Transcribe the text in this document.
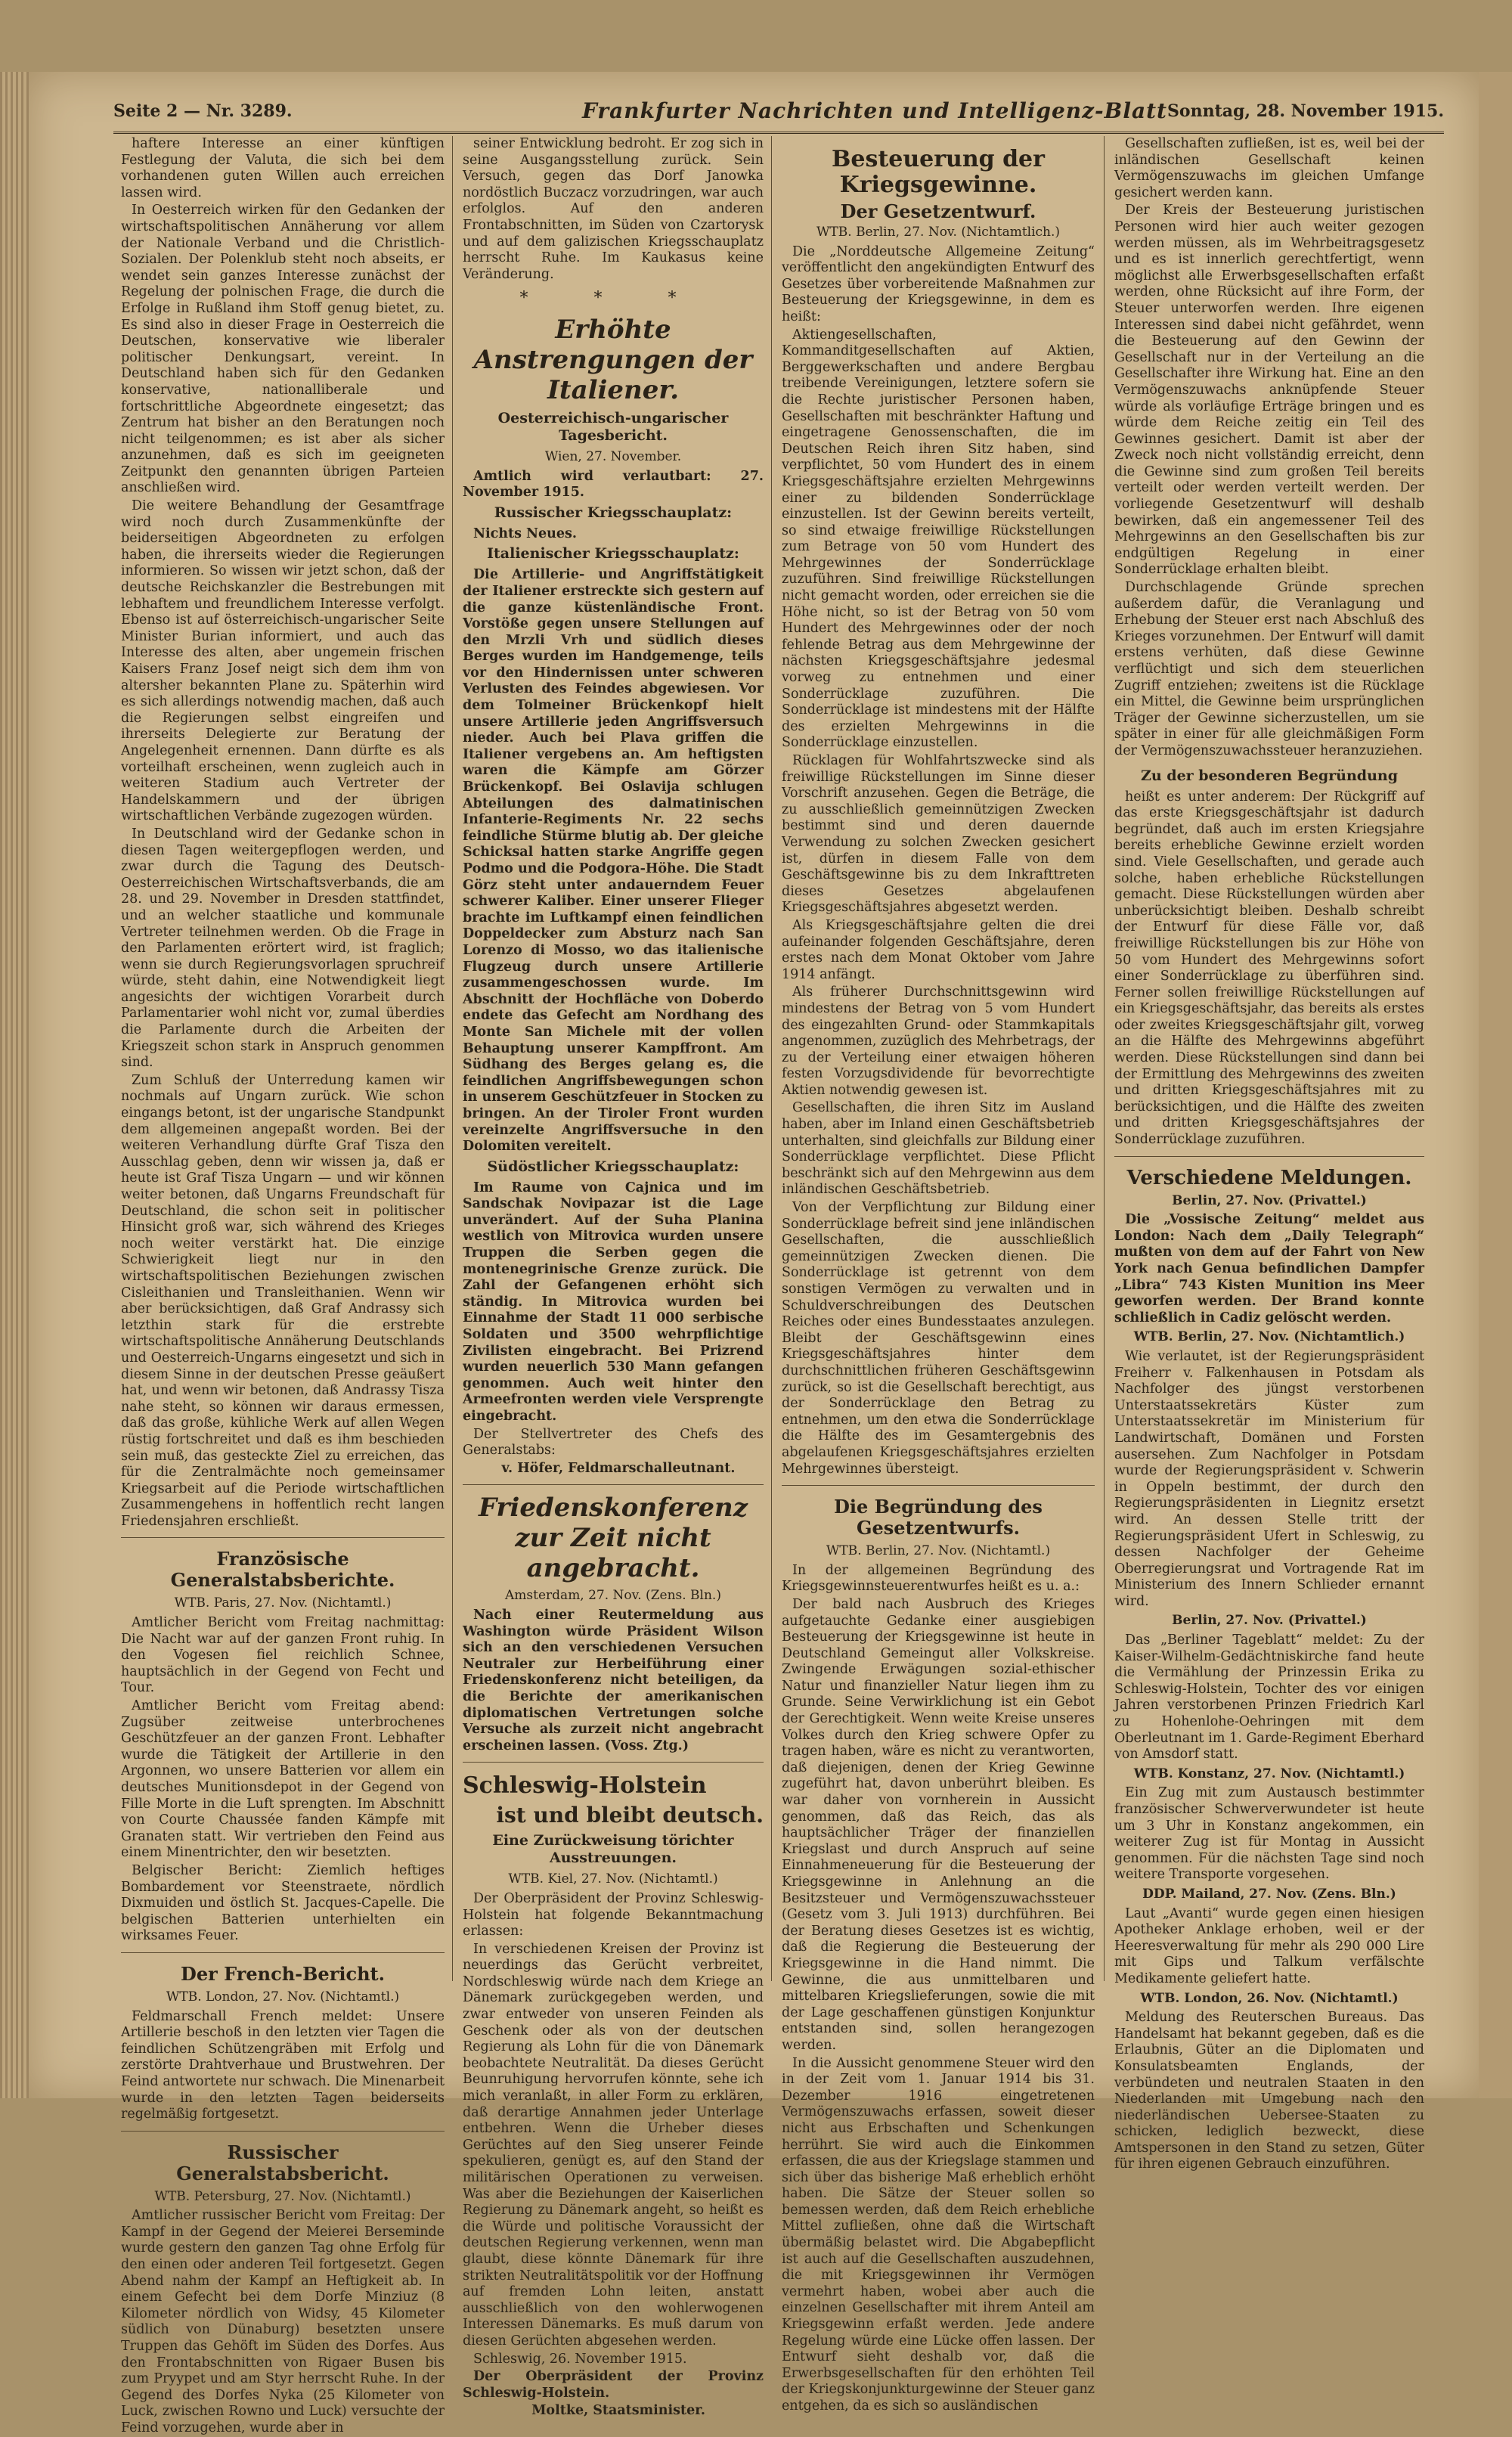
Seite 2 — Nr. 3289.	Frankfurter Nachrichten und Intelligenz-Blatt Sonntag, 28. November 1915.

haftere Interesse an einer künftigen Festlegung der Valuta, die sich bei dem vorhandenen guten Willen auch erreichen lassen wird.

In Oesterreich wirken für den Gedanken der wirtschaftspolitischen Annäherung vor allem der Nationale Verband und die Christlich-Sozialen. Der Polenklub steht noch abseits, er wendet sein ganzes Interesse zunächst der Regelung der polnischen Frage, die durch die Erfolge in Rußland ihm Stoff genug bietet, zu. Es sind also in dieser Frage in Oesterreich die Deutschen, konservative wie liberaler politischer Denkungsart, vereint. In Deutschland haben sich für den Gedanken konservative, nationalliberale und fortschrittliche Abgeordnete eingesetzt; das Zentrum hat bisher an den Beratungen noch nicht teilgenommen; es ist aber als sicher anzunehmen, daß es sich im geeigneten Zeitpunkt den genannten übrigen Parteien anschließen wird.

Die weitere Behandlung der Gesamtfrage wird noch durch Zusammenkünfte der beiderseitigen Abgeordneten zu erfolgen haben, die ihrerseits wieder die Regierungen informieren. So wissen wir jetzt schon, daß der deutsche Reichskanzler die Bestrebungen mit lebhaftem und freundlichem Interesse verfolgt. Ebenso ist auf österreichisch-ungarischer Seite Minister Burian informiert, und auch das Interesse des alten, aber ungemein frischen Kaisers Franz Josef neigt sich dem ihm von altersher bekannten Plane zu. Späterhin wird es sich allerdings notwendig machen, daß auch die Regierungen selbst eingreifen und ihrerseits Delegierte zur Beratung der Angelegenheit ernennen. Dann dürfte es als vorteilhaft erscheinen, wenn zugleich auch in weiteren Stadium auch Vertreter der Handelskammern und der übrigen wirtschaftlichen Verbände zugezogen würden.

In Deutschland wird der Gedanke schon in diesen Tagen weitergepflogen werden, und zwar durch die Tagung des Deutsch-Oesterreichischen Wirtschaftsverbands, die am 28. und 29. November in Dresden stattfindet, und an welcher staatliche und kommunale Vertreter teilnehmen werden. Ob die Frage in den Parlamenten erörtert wird, ist fraglich; wenn sie durch Regierungsvorlagen spruchreif würde, steht dahin, eine Notwendigkeit liegt angesichts der wichtigen Vorarbeit durch Parlamentarier wohl nicht vor, zumal überdies die Parlamente durch die Arbeiten der Kriegszeit schon stark in Anspruch genommen sind.

Zum Schluß der Unterredung kamen wir nochmals auf Ungarn zurück. Wie schon eingangs betont, ist der ungarische Standpunkt dem allgemeinen angepaßt worden. Bei der weiteren Verhandlung dürfte Graf Tisza den Ausschlag geben, denn wir wissen ja, daß er heute ist Graf Tisza Ungarn — und wir können weiter betonen, daß Ungarns Freundschaft für Deutschland, die schon seit in politischer Hinsicht groß war, sich während des Krieges noch weiter verstärkt hat. Die einzige Schwierigkeit liegt nur in den wirtschaftspolitischen Beziehungen zwischen Cisleithanien und Transleithanien. Wenn wir aber berücksichtigen, daß Graf Andrassy sich letzthin stark für die erstrebte wirtschaftspolitische Annäherung Deutschlands und Oesterreich-Ungarns eingesetzt und sich in diesem Sinne in der deutschen Presse geäußert hat, und wenn wir betonen, daß Andrassy Tisza nahe steht, so können wir daraus ermessen, daß das große, kühliche Werk auf allen Wegen rüstig fortschreitet und daß es ihm beschieden sein muß, das gesteckte Ziel zu erreichen, das für die Zentralmächte noch gemeinsamer Kriegsarbeit auf die Periode wirtschaftlichen Zusammengehens in hoffentlich recht langen Friedensjahren erschließt.

Französische Generalstabsberichte.
WTB. Paris, 27. Nov. (Nichtamtl.)

Amtlicher Bericht vom Freitag nachmittag: Die Nacht war auf der ganzen Front ruhig. In den Vogesen fiel reichlich Schnee, hauptsächlich in der Gegend von Fecht und Tour.

Amtlicher Bericht vom Freitag abend: Zugsüber zeitweise unterbrochenes Geschützfeuer an der ganzen Front. Lebhafter wurde die Tätigkeit der Artillerie in den Argonnen, wo unsere Batterien vor allem ein deutsches Munitionsdepot in der Gegend von Fille Morte in die Luft sprengten. Im Abschnitt von Courte Chaussée fanden Kämpfe mit Granaten statt. Wir vertrieben den Feind aus einem Minentrichter, den wir besetzten.

Belgischer Bericht: Ziemlich heftiges Bombardement vor Steenstraete, nördlich Dixmuiden und östlich St. Jacques-Capelle. Die belgischen Batterien unterhielten ein wirksames Feuer.

Der French-Bericht.
WTB. London, 27. Nov. (Nichtamtl.)

Feldmarschall French meldet: Unsere Artillerie beschoß in den letzten vier Tagen die feindlichen Schützengräben mit Erfolg und zerstörte Drahtverhaue und Brustwehren. Der Feind antwortete nur schwach. Die Minenarbeit wurde in den letzten Tagen beiderseits regelmäßig fortgesetzt.

Russischer Generalstabsbericht.
WTB. Petersburg, 27. Nov. (Nichtamtl.)

Amtlicher russischer Bericht vom Freitag: Der Kampf in der Gegend der Meierei Berseminde wurde gestern den ganzen Tag ohne Erfolg für den einen oder anderen Teil fortgesetzt. Gegen Abend nahm der Kampf an Heftigkeit ab. In einem Gefecht bei dem Dorfe Minziuz (8 Kilometer nördlich von Widsy, 45 Kilometer südlich von Dünaburg) besetzten unsere Truppen das Gehöft im Süden des Dorfes. Aus den Frontabschnitten von Rigaer Busen bis zum Pryypet und am Styr herrscht Ruhe. In der Gegend des Dorfes Nyka (25 Kilometer von Luck, zwischen Rowno und Luck) versuchte der Feind vorzugehen, wurde aber in

seiner Entwicklung bedroht. Er zog sich in seine Ausgangsstellung zurück. Sein Versuch, gegen das Dorf Janowka nordöstlich Buczacz vorzudringen, war auch erfolglos. Auf den anderen Frontabschnitten, im Süden von Czartorysk und auf dem galizischen Kriegsschauplatz herrscht Ruhe. Im Kaukasus keine Veränderung.

* * *
Erhöhte Anstrengungen der Italiener.
Oesterreichisch-ungarischer Tagesbericht.
Wien, 27. November.

Amtlich wird verlautbart: 27. November 1915.

Russischer Kriegsschauplatz:

Nichts Neues.

Italienischer Kriegsschauplatz:

Die Artillerie- und Angriffstätigkeit der Italiener erstreckte sich gestern auf die ganze küstenländische Front. Vorstöße gegen unsere Stellungen auf den Mrzli Vrh und südlich dieses Berges wurden im Handgemenge, teils vor den Hindernissen unter schweren Verlusten des Feindes abgewiesen. Vor dem Tolmeiner Brückenkopf hielt unsere Artillerie jeden Angriffsversuch nieder. Auch bei Plava griffen die Italiener vergebens an. Am heftigsten waren die Kämpfe am Görzer Brückenkopf. Bei Oslavija schlugen Abteilungen des dalmatinischen Infanterie-Regiments Nr. 22 sechs feindliche Stürme blutig ab. Der gleiche Schicksal hatten starke Angriffe gegen Podmo und die Podgora-Höhe. Die Stadt Görz steht unter andauerndem Feuer schwerer Kaliber. Einer unserer Flieger brachte im Luftkampf einen feindlichen Doppeldecker zum Absturz nach San Lorenzo di Mosso, wo das italienische Flugzeug durch unsere Artillerie zusammengeschossen wurde. Im Abschnitt der Hochfläche von Doberdo endete das Gefecht am Nordhang des Monte San Michele mit der vollen Behauptung unserer Kampffront. Am Südhang des Berges gelang es, die feindlichen Angriffsbewegungen schon in unserem Geschützfeuer in Stocken zu bringen. An der Tiroler Front wurden vereinzelte Angriffsversuche in den Dolomiten vereitelt.

Südöstlicher Kriegsschauplatz:

Im Raume von Cajnica und im Sandschak Novipazar ist die Lage unverändert. Auf der Suha Planina westlich von Mitrovica wurden unsere Truppen die Serben gegen die montenegrinische Grenze zurück. Die Zahl der Gefangenen erhöht sich ständig. In Mitrovica wurden bei Einnahme der Stadt 11 000 serbische Soldaten und 3500 wehrpflichtige Zivilisten eingebracht. Bei Prizrend wurden neuerlich 530 Mann gefangen genommen. Auch weit hinter den Armeefronten werden viele Versprengte eingebracht.

Der Stellvertreter des Chefs des Generalstabs:

v. Höfer, Feldmarschalleutnant.

Friedenskonferenz zur Zeit nicht angebracht.
Amsterdam, 27. Nov. (Zens. Bln.)

Nach einer Reutermeldung aus Washington würde Präsident Wilson sich an den verschiedenen Versuchen Neutraler zur Herbeiführung einer Friedenskonferenz nicht beteiligen, da die Berichte der amerikanischen diplomatischen Vertretungen solche Versuche als zurzeit nicht angebracht erscheinen lassen. (Voss. Ztg.)

Schleswig-Holstein
ist und bleibt deutsch.
Eine Zurückweisung törichter Ausstreuungen.
WTB. Kiel, 27. Nov. (Nichtamtl.)

Der Oberpräsident der Provinz Schleswig-Holstein hat folgende Bekanntmachung erlassen:

In verschiedenen Kreisen der Provinz ist neuerdings das Gerücht verbreitet, Nordschleswig würde nach dem Kriege an Dänemark zurückgegeben werden, und zwar entweder von unseren Feinden als Geschenk oder als von der deutschen Regierung als Lohn für die von Dänemark beobachtete Neutralität. Da dieses Gerücht Beunruhigung hervorrufen könnte, sehe ich mich veranlaßt, in aller Form zu erklären, daß derartige Annahmen jeder Unterlage entbehren. Wenn die Urheber dieses Gerüchtes auf den Sieg unserer Feinde spekulieren, genügt es, auf den Stand der militärischen Operationen zu verweisen. Was aber die Beziehungen der Kaiserlichen Regierung zu Dänemark angeht, so heißt es die Würde und politische Voraussicht der deutschen Regierung verkennen, wenn man glaubt, diese könnte Dänemark für ihre strikten Neutralitätspolitik vor der Hoffnung auf fremden Lohn leiten, anstatt ausschließlich von den wohlerwogenen Interessen Dänemarks. Es muß darum von diesen Gerüchten abgesehen werden.

Schleswig, 26. November 1915.

Der Oberpräsident der Provinz Schleswig-Holstein.

Moltke, Staatsminister.

Besteuerung der Kriegsgewinne.
Der Gesetzentwurf.
WTB. Berlin, 27. Nov. (Nichtamtlich.)

Die „Norddeutsche Allgemeine Zeitung“ veröffentlicht den angekündigten Entwurf des Gesetzes über vorbereitende Maßnahmen zur Besteuerung der Kriegsgewinne, in dem es heißt:

Aktiengesellschaften, Kommanditgesellschaften auf Aktien, Berggewerkschaften und andere Bergbau treibende Vereinigungen, letztere sofern sie die Rechte juristischer Personen haben, Gesellschaften mit beschränkter Haftung und eingetragene Genossenschaften, die im Deutschen Reich ihren Sitz haben, sind verpflichtet, 50 vom Hundert des in einem Kriegsgeschäftsjahre erzielten Mehrgewinns einer zu bildenden Sonderrücklage einzustellen. Ist der Gewinn bereits verteilt, so sind etwaige freiwillige Rückstellungen zum Betrage von 50 vom Hundert des Mehrgewinnes der Sonderrücklage zuzuführen. Sind freiwillige Rückstellungen nicht gemacht worden, oder erreichen sie die Höhe nicht, so ist der Betrag von 50 vom Hundert des Mehrgewinnes oder der noch fehlende Betrag aus dem Mehrgewinne der nächsten Kriegsgeschäftsjahre jedesmal vorweg zu entnehmen und einer Sonderrücklage zuzuführen. Die Sonderrücklage ist mindestens mit der Hälfte des erzielten Mehrgewinns in die Sonderrücklage einzustellen.

Rücklagen für Wohlfahrtszwecke sind als freiwillige Rückstellungen im Sinne dieser Vorschrift anzusehen. Gegen die Beträge, die zu ausschließlich gemeinnützigen Zwecken bestimmt sind und deren dauernde Verwendung zu solchen Zwecken gesichert ist, dürfen in diesem Falle von dem Geschäftsgewinne bis zu dem Inkrafttreten dieses Gesetzes abgelaufenen Kriegsgeschäftsjahres abgesetzt werden.

Als Kriegsgeschäftsjahre gelten die drei aufeinander folgenden Geschäftsjahre, deren erstes nach dem Monat Oktober vom Jahre 1914 anfängt.

Als früherer Durchschnittsgewinn wird mindestens der Betrag von 5 vom Hundert des eingezahlten Grund- oder Stammkapitals angenommen, zuzüglich des Mehrbetrags, der zu der Verteilung einer etwaigen höheren festen Vorzugsdividende für bevorrechtigte Aktien notwendig gewesen ist.

Gesellschaften, die ihren Sitz im Ausland haben, aber im Inland einen Geschäftsbetrieb unterhalten, sind gleichfalls zur Bildung einer Sonderrücklage verpflichtet. Diese Pflicht beschränkt sich auf den Mehrgewinn aus dem inländischen Geschäftsbetrieb.

Von der Verpflichtung zur Bildung einer Sonderrücklage befreit sind jene inländischen Gesellschaften, die ausschließlich gemeinnützigen Zwecken dienen. Die Sonderrücklage ist getrennt von dem sonstigen Vermögen zu verwalten und in Schuldverschreibungen des Deutschen Reiches oder eines Bundesstaates anzulegen. Bleibt der Geschäftsgewinn eines Kriegsgeschäftsjahres hinter dem durchschnittlichen früheren Geschäftsgewinn zurück, so ist die Gesellschaft berechtigt, aus der Sonderrücklage den Betrag zu entnehmen, um den etwa die Sonderrücklage die Hälfte des im Gesamtergebnis des abgelaufenen Kriegsgeschäftsjahres erzielten Mehrgewinnes übersteigt.

Die Begründung des Gesetzentwurfs.
WTB. Berlin, 27. Nov. (Nichtamtl.)

In der allgemeinen Begründung des Kriegsgewinnsteuerentwurfes heißt es u. a.:

Der bald nach Ausbruch des Krieges aufgetauchte Gedanke einer ausgiebigen Besteuerung der Kriegsgewinne ist heute in Deutschland Gemeingut aller Volkskreise. Zwingende Erwägungen sozial-ethischer Natur und finanzieller Natur liegen ihm zu Grunde. Seine Verwirklichung ist ein Gebot der Gerechtigkeit. Wenn weite Kreise unseres Volkes durch den Krieg schwere Opfer zu tragen haben, wäre es nicht zu verantworten, daß diejenigen, denen der Krieg Gewinne zugeführt hat, davon unberührt bleiben. Es war daher von vornherein in Aussicht genommen, daß das Reich, das als hauptsächlicher Träger der finanziellen Kriegslast und durch Anspruch auf seine Einnahmeneuerung für die Besteuerung der Kriegsgewinne in Anlehnung an die Besitzsteuer und Vermögenszuwachssteuer (Gesetz vom 3. Juli 1913) durchführen. Bei der Beratung dieses Gesetzes ist es wichtig, daß die Regierung die Besteuerung der Kriegsgewinne in die Hand nimmt. Die Gewinne, die aus unmittelbaren und mittelbaren Kriegslieferungen, sowie die mit der Lage geschaffenen günstigen Konjunktur entstanden sind, sollen herangezogen werden.

In die Aussicht genommene Steuer wird den in der Zeit vom 1. Januar 1914 bis 31. Dezember 1916 eingetretenen Vermögenszuwachs erfassen, soweit dieser nicht aus Erbschaften und Schenkungen herrührt. Sie wird auch die Einkommen erfassen, die aus der Kriegslage stammen und sich über das bisherige Maß erheblich erhöht haben. Die Sätze der Steuer sollen so bemessen werden, daß dem Reich erhebliche Mittel zufließen, ohne daß die Wirtschaft übermäßig belastet wird. Die Abgabepflicht ist auch auf die Gesellschaften auszudehnen, die mit Kriegsgewinnen ihr Vermögen vermehrt haben, wobei aber auch die einzelnen Gesellschafter mit ihrem Anteil am Kriegsgewinn erfaßt werden. Jede andere Regelung würde eine Lücke offen lassen. Der Entwurf sieht deshalb vor, daß die Erwerbsgesellschaften für den erhöhten Teil der Kriegskonjunkturgewinne der Steuer ganz entgehen, da es sich so ausländischen

Gesellschaften zufließen, ist es, weil bei der inländischen Gesellschaft keinen Vermögenszuwachs im gleichen Umfange gesichert werden kann.

Der Kreis der Besteuerung juristischen Personen wird hier auch weiter gezogen werden müssen, als im Wehrbeitragsgesetz und es ist innerlich gerechtfertigt, wenn möglichst alle Erwerbsgesellschaften erfaßt werden, ohne Rücksicht auf ihre Form, der Steuer unterworfen werden. Ihre eigenen Interessen sind dabei nicht gefährdet, wenn die Besteuerung auf den Gewinn der Gesellschaft nur in der Verteilung an die Gesellschafter ihre Wirkung hat. Eine an den Vermögenszuwachs anknüpfende Steuer würde als vorläufige Erträge bringen und es würde dem Reiche zeitig ein Teil des Gewinnes gesichert. Damit ist aber der Zweck noch nicht vollständig erreicht, denn die Gewinne sind zum großen Teil bereits verteilt oder werden verteilt werden. Der vorliegende Gesetzentwurf will deshalb bewirken, daß ein angemessener Teil des Mehrgewinns an den Gesellschaften bis zur endgültigen Regelung in einer Sonderrücklage erhalten bleibt.

Durchschlagende Gründe sprechen außerdem dafür, die Veranlagung und Erhebung der Steuer erst nach Abschluß des Krieges vorzunehmen. Der Entwurf will damit erstens verhüten, daß diese Gewinne verflüchtigt und sich dem steuerlichen Zugriff entziehen; zweitens ist die Rücklage ein Mittel, die Gewinne beim ursprünglichen Träger der Gewinne sicherzustellen, um sie später in einer für alle gleichmäßigen Form der Vermögenszuwachssteuer heranzuziehen.

Zu der besonderen Begründung

heißt es unter anderem: Der Rückgriff auf das erste Kriegsgeschäftsjahr ist dadurch begründet, daß auch im ersten Kriegsjahre bereits erhebliche Gewinne erzielt worden sind. Viele Gesellschaften, und gerade auch solche, haben erhebliche Rückstellungen gemacht. Diese Rückstellungen würden aber unberücksichtigt bleiben. Deshalb schreibt der Entwurf für diese Fälle vor, daß freiwillige Rückstellungen bis zur Höhe von 50 vom Hundert des Mehrgewinns sofort einer Sonderrücklage zu überführen sind. Ferner sollen freiwillige Rückstellungen auf ein Kriegsgeschäftsjahr, das bereits als erstes oder zweites Kriegsgeschäftsjahr gilt, vorweg an die Hälfte des Mehrgewinns abgeführt werden. Diese Rückstellungen sind dann bei der Ermittlung des Mehrgewinns des zweiten und dritten Kriegsgeschäftsjahres mit zu berücksichtigen, und die Hälfte des zweiten und dritten Kriegsgeschäftsjahres der Sonderrücklage zuzuführen.

Verschiedene Meldungen.
Berlin, 27. Nov. (Privattel.)

Die „Vossische Zeitung“ meldet aus London: Nach dem „Daily Telegraph“ mußten von dem auf der Fahrt von New York nach Genua befindlichen Dampfer „Libra“ 743 Kisten Munition ins Meer geworfen werden. Der Brand konnte schließlich in Cadiz gelöscht werden.

WTB. Berlin, 27. Nov. (Nichtamtlich.)

Wie verlautet, ist der Regierungspräsident Freiherr v. Falkenhausen in Potsdam als Nachfolger des jüngst verstorbenen Unterstaatssekretärs Küster zum Unterstaatssekretär im Ministerium für Landwirtschaft, Domänen und Forsten ausersehen. Zum Nachfolger in Potsdam wurde der Regierungspräsident v. Schwerin in Oppeln bestimmt, der durch den Regierungspräsidenten in Liegnitz ersetzt wird. An dessen Stelle tritt der Regierungspräsident Ufert in Schleswig, zu dessen Nachfolger der Geheime Oberregierungsrat und Vortragende Rat im Ministerium des Innern Schlieder ernannt wird.

Berlin, 27. Nov. (Privattel.)

Das „Berliner Tageblatt“ meldet: Zu der Kaiser-Wilhelm-Gedächtniskirche fand heute die Vermählung der Prinzessin Erika zu Schleswig-Holstein, Tochter des vor einigen Jahren verstorbenen Prinzen Friedrich Karl zu Hohenlohe-Oehringen mit dem Oberleutnant im 1. Garde-Regiment Eberhard von Amsdorf statt.

WTB. Konstanz, 27. Nov. (Nichtamtl.)

Ein Zug mit zum Austausch bestimmter französischer Schwerverwundeter ist heute um 3 Uhr in Konstanz angekommen, ein weiterer Zug ist für Montag in Aussicht genommen. Für die nächsten Tage sind noch weitere Transporte vorgesehen.

DDP. Mailand, 27. Nov. (Zens. Bln.)

Laut „Avanti“ wurde gegen einen hiesigen Apotheker Anklage erhoben, weil er der Heeresverwaltung für mehr als 290 000 Lire mit Gips und Talkum verfälschte Medikamente geliefert hatte.

WTB. London, 26. Nov. (Nichtamtl.)

Meldung des Reuterschen Bureaus. Das Handelsamt hat bekannt gegeben, daß es die Erlaubnis, Güter an die Diplomaten und Konsulatsbeamten Englands, der verbündeten und neutralen Staaten in den Niederlanden mit Umgebung nach den niederländischen Uebersee-Staaten zu schicken, lediglich bezweckt, diese Amtspersonen in den Stand zu setzen, Güter für ihren eigenen Gebrauch einzuführen.
